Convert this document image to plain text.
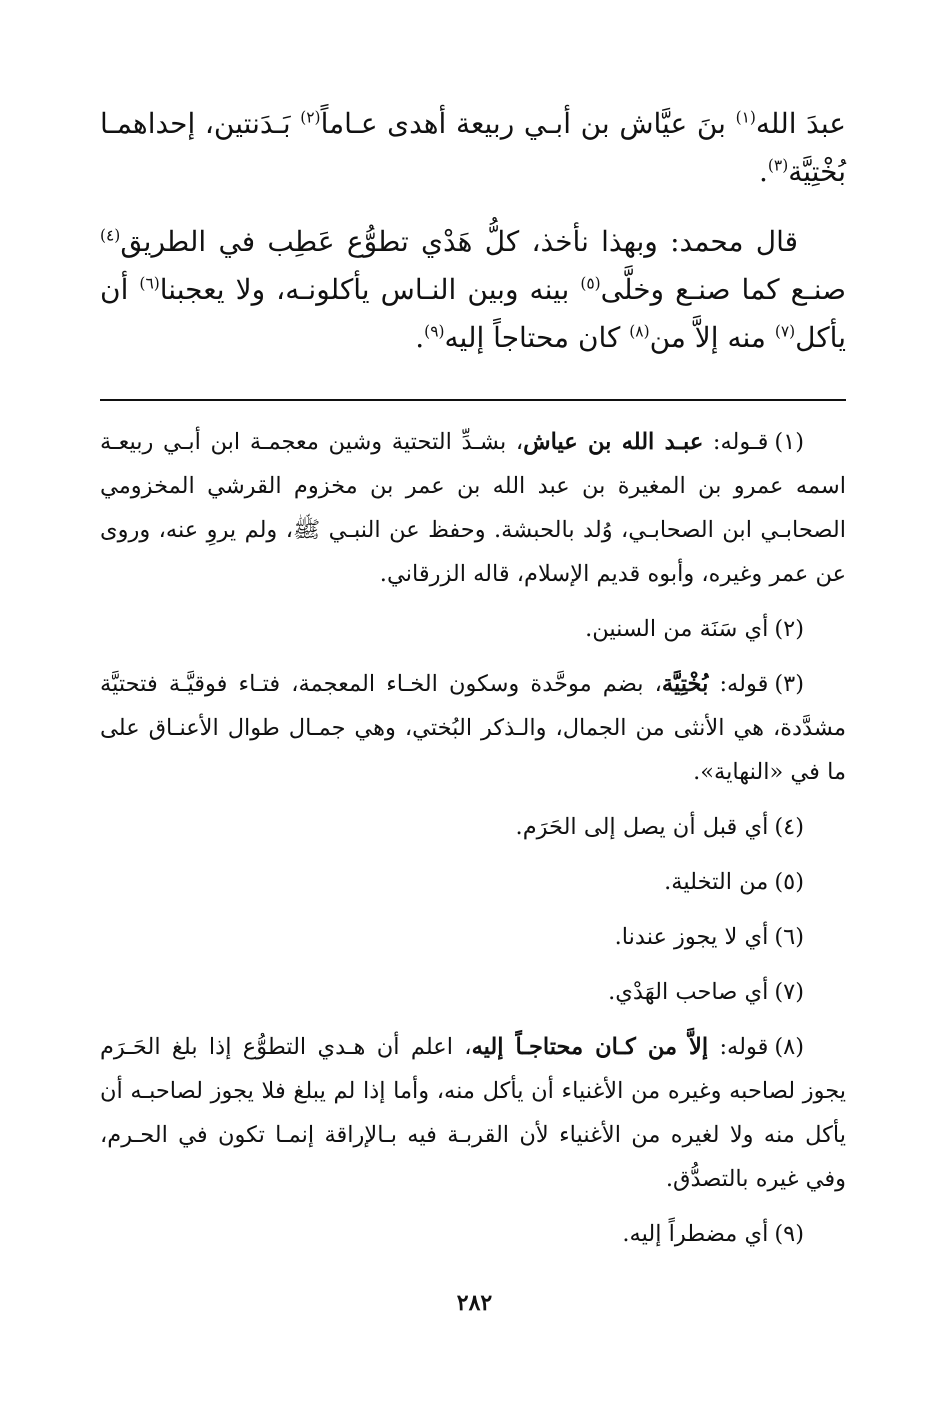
عبدَ الله$^{(١)}$ بنَ عيَّاش بن أبـي ربيعة أهدى عـاماً$^{(٢)}$ بَـدَنتين، إحداهمـا بُخْتِيَّة$^{(٣)}$.

قال محمد: وبهذا نأخذ، كلُّ هَدْي تطوُّع عَطِب في الطريق$^{(٤)}$ صنـع كما صنـع وخلَّى$^{(٥)}$ بينه وبين النـاس يأكلونـه، ولا يعجبنا$^{(٦)}$ أن يأكل$^{(٧)}$ منه إلاَّ من$^{(٨)}$ كان محتاجاً إليه$^{(٩)}$.

(١)قـوله: عبـد الله بن عياش، بشـدِّ التحتية وشين معجمـة ابن أبـي ربيعـة اسمه عمرو بن المغيرة بن عبد الله بن عمر بن مخزوم القرشي المخزومي الصحابـي ابن الصحابـي، وُلد بالحبشة. وحفظ عن النبـي ﷺ، ولم يروِ عنه، وروى عن عمر وغيره، وأبوه قديم الإسلام، قاله الزرقاني.

(٢)أي سَنَة من السنين.

(٣)قوله: بُخْتِيَّة، بضم موحَّدة وسكون الخـاء المعجمة، فتـاء فوقيَّـة فتحتيَّة مشدَّدة، هي الأنثى من الجمال، والـذكر البُختي، وهي جمـال طوال الأعنـاق على ما في «النهاية».

(٤)أي قبل أن يصل إلى الحَرَم.

(٥)من التخلية.

(٦)أي لا يجوز عندنا.

(٧)أي صاحب الهَدْي.

(٨)قوله: إلاَّ من كـان محتاجـاً إليه، اعلم أن هـدي التطوُّع إذا بلغ الحَـرَم يجوز لصاحبه وغيره من الأغنياء أن يأكل منه، وأما إذا لم يبلغ فلا يجوز لصاحبـه أن يأكل منه ولا لغيره من الأغنياء لأن القربـة فيه بـالإراقة إنمـا تكون في الحـرم، وفي غيره بالتصدُّق.

(٩)أي مضطراً إليه.

٢٨٢
